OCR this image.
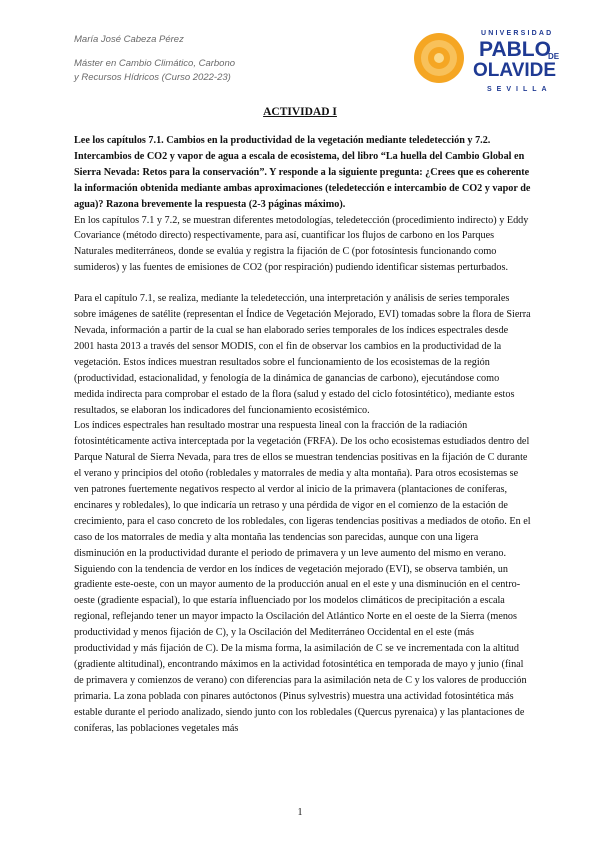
María José Cabeza Pérez
Máster en Cambio Climático, Carbono
y Recursos Hídricos (Curso 2022-23)
UNIVERSIDAD
PABLO
DE
OLAVIDE
SEVILLA
ACTIVIDAD I

Lee los capítulos 7.1. Cambios en la productividad de la vegetación mediante teledetección y 7.2. Intercambios de CO2 y vapor de agua a escala de ecosistema, del libro “La huella del Cambio Global en Sierra Nevada: Retos para la conservación”. Y responde a la siguiente pregunta: ¿Crees que es coherente la información obtenida mediante ambas aproximaciones (teledetección e intercambio de CO2 y vapor de agua)? Razona brevemente la respuesta (2-3 páginas máximo).

En los capítulos 7.1 y 7.2, se muestran diferentes metodologías, teledetección (procedimiento indirecto) y Eddy Covariance (método directo) respectivamente, para así, cuantificar los flujos de carbono en los Parques Naturales mediterráneos, donde se evalúa y registra la fijación de C (por fotosíntesis funcionando como sumideros) y las fuentes de emisiones de CO2 (por respiración) pudiendo identificar sistemas perturbados.

Para el capítulo 7.1, se realiza, mediante la teledetección, una interpretación y análisis de series temporales sobre imágenes de satélite (representan el Índice de Vegetación Mejorado, EVI) tomadas sobre la flora de Sierra Nevada, información a partir de la cual se han elaborado series temporales de los índices espectrales desde 2001 hasta 2013 a través del sensor MODIS, con el fin de observar los cambios en la productividad de la vegetación. Estos índices muestran resultados sobre el funcionamiento de los ecosistemas de la región (productividad, estacionalidad, y fenología de la dinámica de ganancias de carbono), ejecutándose como medida indirecta para comprobar el estado de la flora (salud y estado del ciclo fotosintético), mediante estos resultados, se elaboran los indicadores del funcionamiento ecosistémico.

Los índices espectrales han resultado mostrar una respuesta lineal con la fracción de la radiación fotosintéticamente activa interceptada por la vegetación (FRFA). De los ocho ecosistemas estudiados dentro del Parque Natural de Sierra Nevada, para tres de ellos se muestran tendencias positivas en la fijación de C durante el verano y principios del otoño (robledales y matorrales de media y alta montaña). Para otros ecosistemas se ven patrones fuertemente negativos respecto al verdor al inicio de la primavera (plantaciones de coníferas, encinares y robledales), lo que indicaría un retraso y una pérdida de vigor en el comienzo de la estación de crecimiento, para el caso concreto de los robledales, con ligeras tendencias positivas a mediados de otoño. En el caso de los matorrales de media y alta montaña las tendencias son parecidas, aunque con una ligera disminución en la productividad durante el periodo de primavera y un leve aumento del mismo en verano. Siguiendo con la tendencia de verdor en los índices de vegetación mejorado (EVI), se observa también, un gradiente este-oeste, con un mayor aumento de la producción anual en el este y una disminución en el centro-oeste (gradiente espacial), lo que estaría influenciado por los modelos climáticos de precipitación a escala regional, reflejando tener un mayor impacto la Oscilación del Atlántico Norte en el oeste de la Sierra (menos productividad y menos fijación de C), y la Oscilación del Mediterráneo Occidental en el este (más productividad y más fijación de C). De la misma forma, la asimilación de C se ve incrementada con la altitud (gradiente altitudinal), encontrando máximos en la actividad fotosintética en temporada de mayo y junio (final de primavera y comienzos de verano) con diferencias para la asimilación neta de C y los valores de producción primaria. La zona poblada con pinares autóctonos (Pinus sylvestris) muestra una actividad fotosintética más estable durante el periodo analizado, siendo junto con los robledales (Quercus pyrenaica) y las plantaciones de coníferas, las poblaciones vegetales más

1
